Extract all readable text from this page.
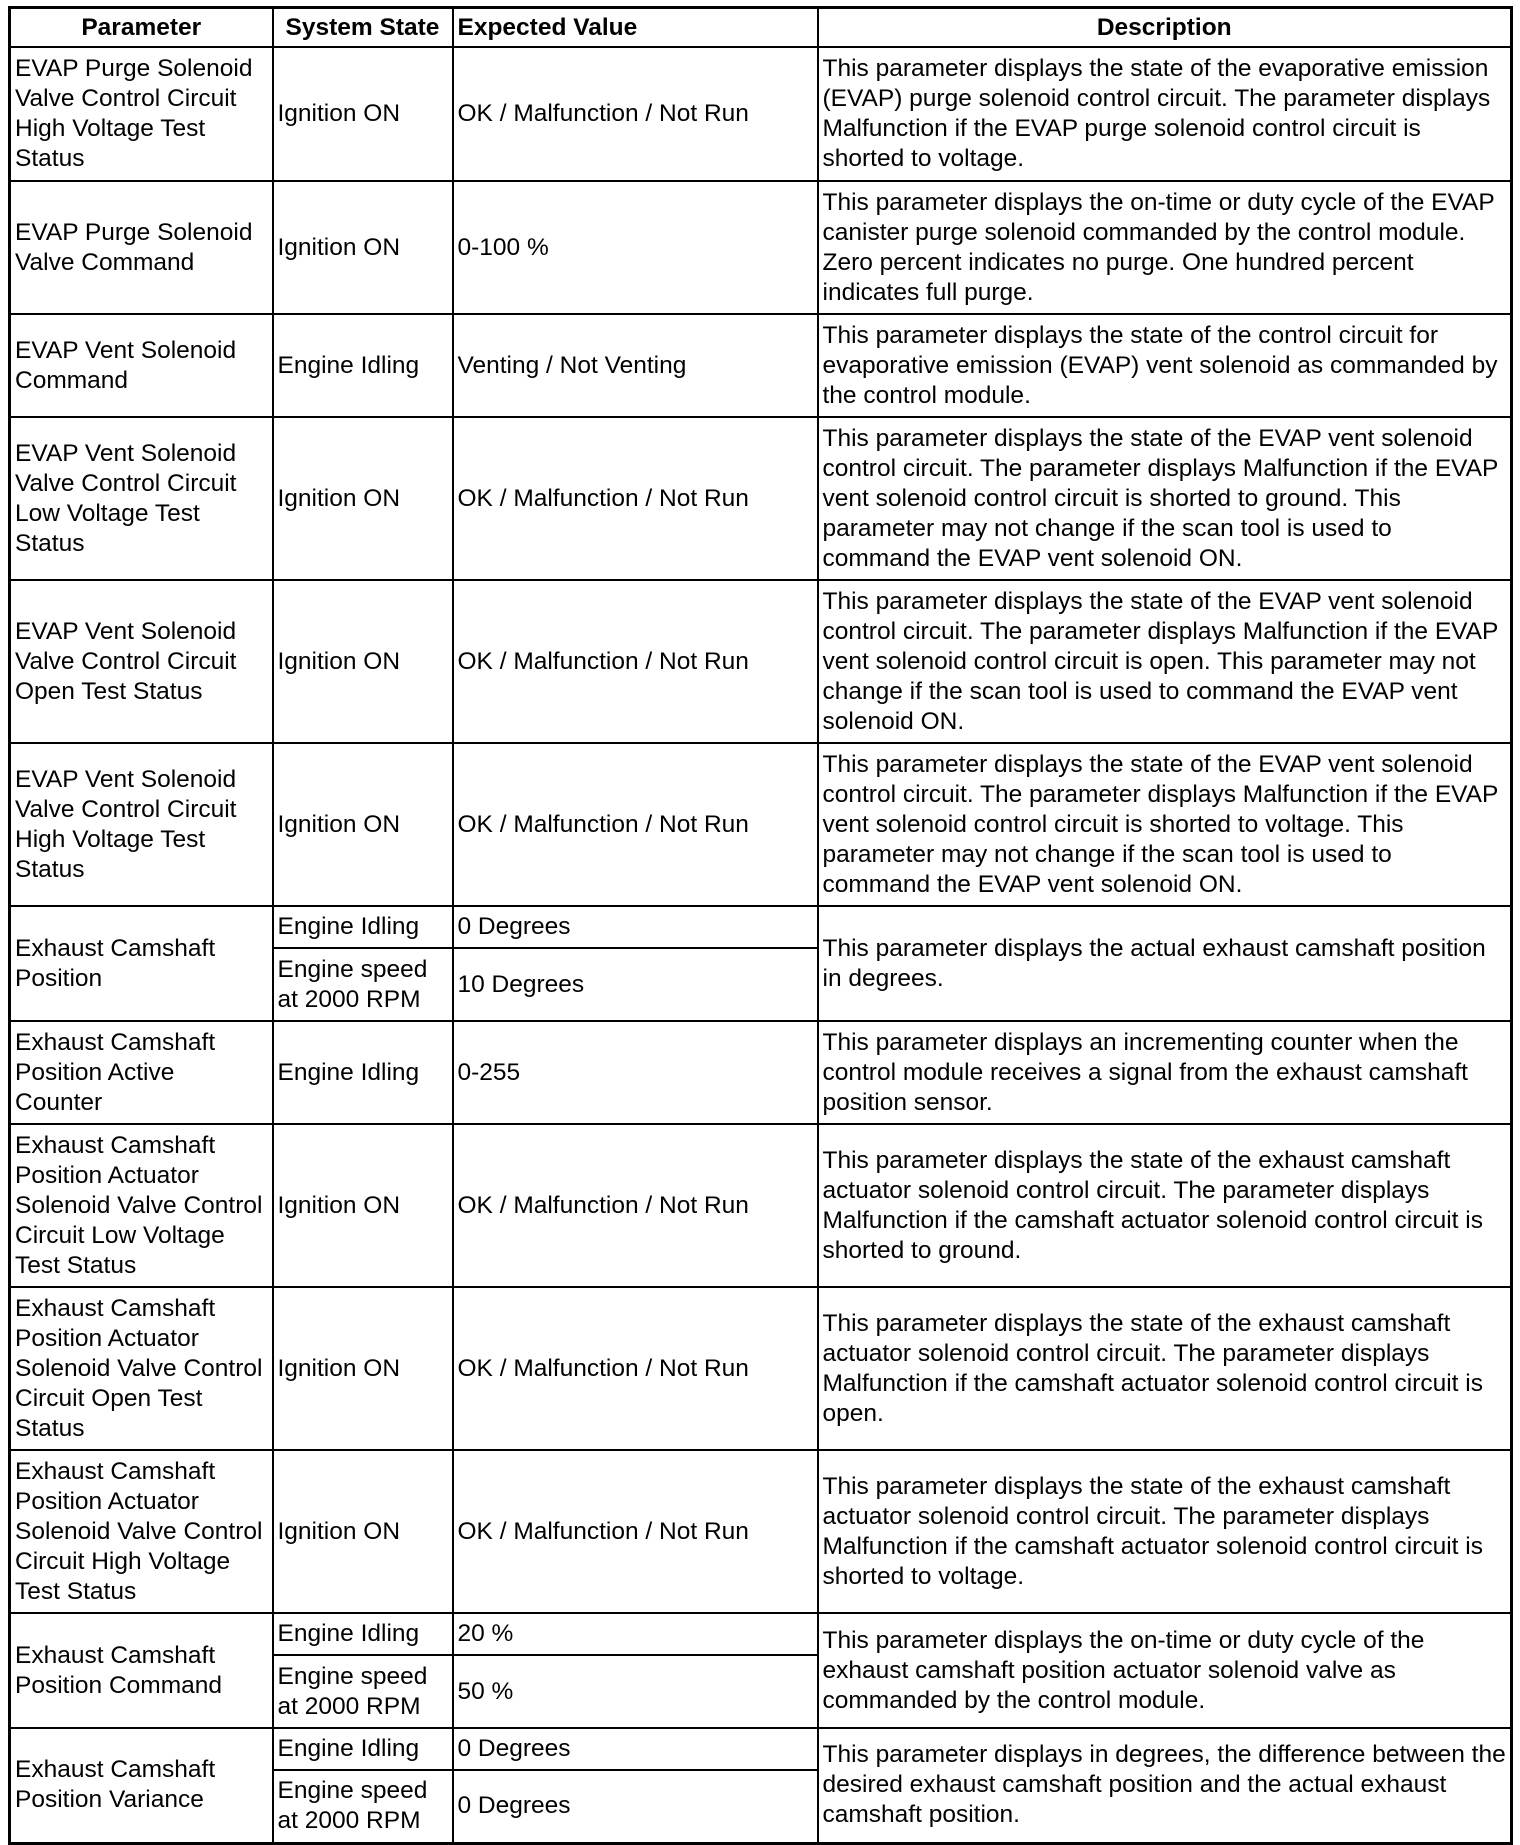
Parameter	System State	Expected Value	Description
EVAP Purge Solenoid Valve Control Circuit High Voltage Test Status	Ignition ON	OK / Malfunction / Not Run	This parameter displays the state of the evaporative emission (EVAP) purge solenoid control circuit. The parameter displays Malfunction if the EVAP purge solenoid control circuit is shorted to voltage.
EVAP Purge Solenoid Valve Command	Ignition ON	0-100 %	This parameter displays the on-time or duty cycle of the EVAP canister purge solenoid commanded by the control module. Zero percent indicates no purge. One hundred percent indicates full purge.
EVAP Vent Solenoid Command	Engine Idling	Venting / Not Venting	This parameter displays the state of the control circuit for evaporative emission (EVAP) vent solenoid as commanded by the control module.
EVAP Vent Solenoid Valve Control Circuit Low Voltage Test Status	Ignition ON	OK / Malfunction / Not Run	This parameter displays the state of the EVAP vent solenoid control circuit. The parameter displays Malfunction if the EVAP vent solenoid control circuit is shorted to ground. This parameter may not change if the scan tool is used to command the EVAP vent solenoid ON.
EVAP Vent Solenoid Valve Control Circuit Open Test Status	Ignition ON	OK / Malfunction / Not Run	This parameter displays the state of the EVAP vent solenoid control circuit. The parameter displays Malfunction if the EVAP vent solenoid control circuit is open. This parameter may not change if the scan tool is used to command the EVAP vent solenoid ON.
EVAP Vent Solenoid Valve Control Circuit High Voltage Test Status	Ignition ON	OK / Malfunction / Not Run	This parameter displays the state of the EVAP vent solenoid control circuit. The parameter displays Malfunction if the EVAP vent solenoid control circuit is shorted to voltage. This parameter may not change if the scan tool is used to command the EVAP vent solenoid ON.
Exhaust Camshaft Position	Engine Idling	0 Degrees	This parameter displays the actual exhaust camshaft position in degrees.
	Engine speed at 2000 RPM	10 Degrees	
Exhaust Camshaft Position Active Counter	Engine Idling	0-255	This parameter displays an incrementing counter when the control module receives a signal from the exhaust camshaft position sensor.
Exhaust Camshaft Position Actuator Solenoid Valve Control Circuit Low Voltage Test Status	Ignition ON	OK / Malfunction / Not Run	This parameter displays the state of the exhaust camshaft actuator solenoid control circuit. The parameter displays Malfunction if the camshaft actuator solenoid control circuit is shorted to ground.
Exhaust Camshaft Position Actuator Solenoid Valve Control Circuit Open Test Status	Ignition ON	OK / Malfunction / Not Run	This parameter displays the state of the exhaust camshaft actuator solenoid control circuit. The parameter displays Malfunction if the camshaft actuator solenoid control circuit is open.
Exhaust Camshaft Position Actuator Solenoid Valve Control Circuit High Voltage Test Status	Ignition ON	OK / Malfunction / Not Run	This parameter displays the state of the exhaust camshaft actuator solenoid control circuit. The parameter displays Malfunction if the camshaft actuator solenoid control circuit is shorted to voltage.
Exhaust Camshaft Position Command	Engine Idling	20 %	This parameter displays the on-time or duty cycle of the exhaust camshaft position actuator solenoid valve as commanded by the control module.
	Engine speed at 2000 RPM	50 %	
Exhaust Camshaft Position Variance	Engine Idling	0 Degrees	This parameter displays in degrees, the difference between the desired exhaust camshaft position and the actual exhaust camshaft position.
	Engine speed at 2000 RPM	0 Degrees	
